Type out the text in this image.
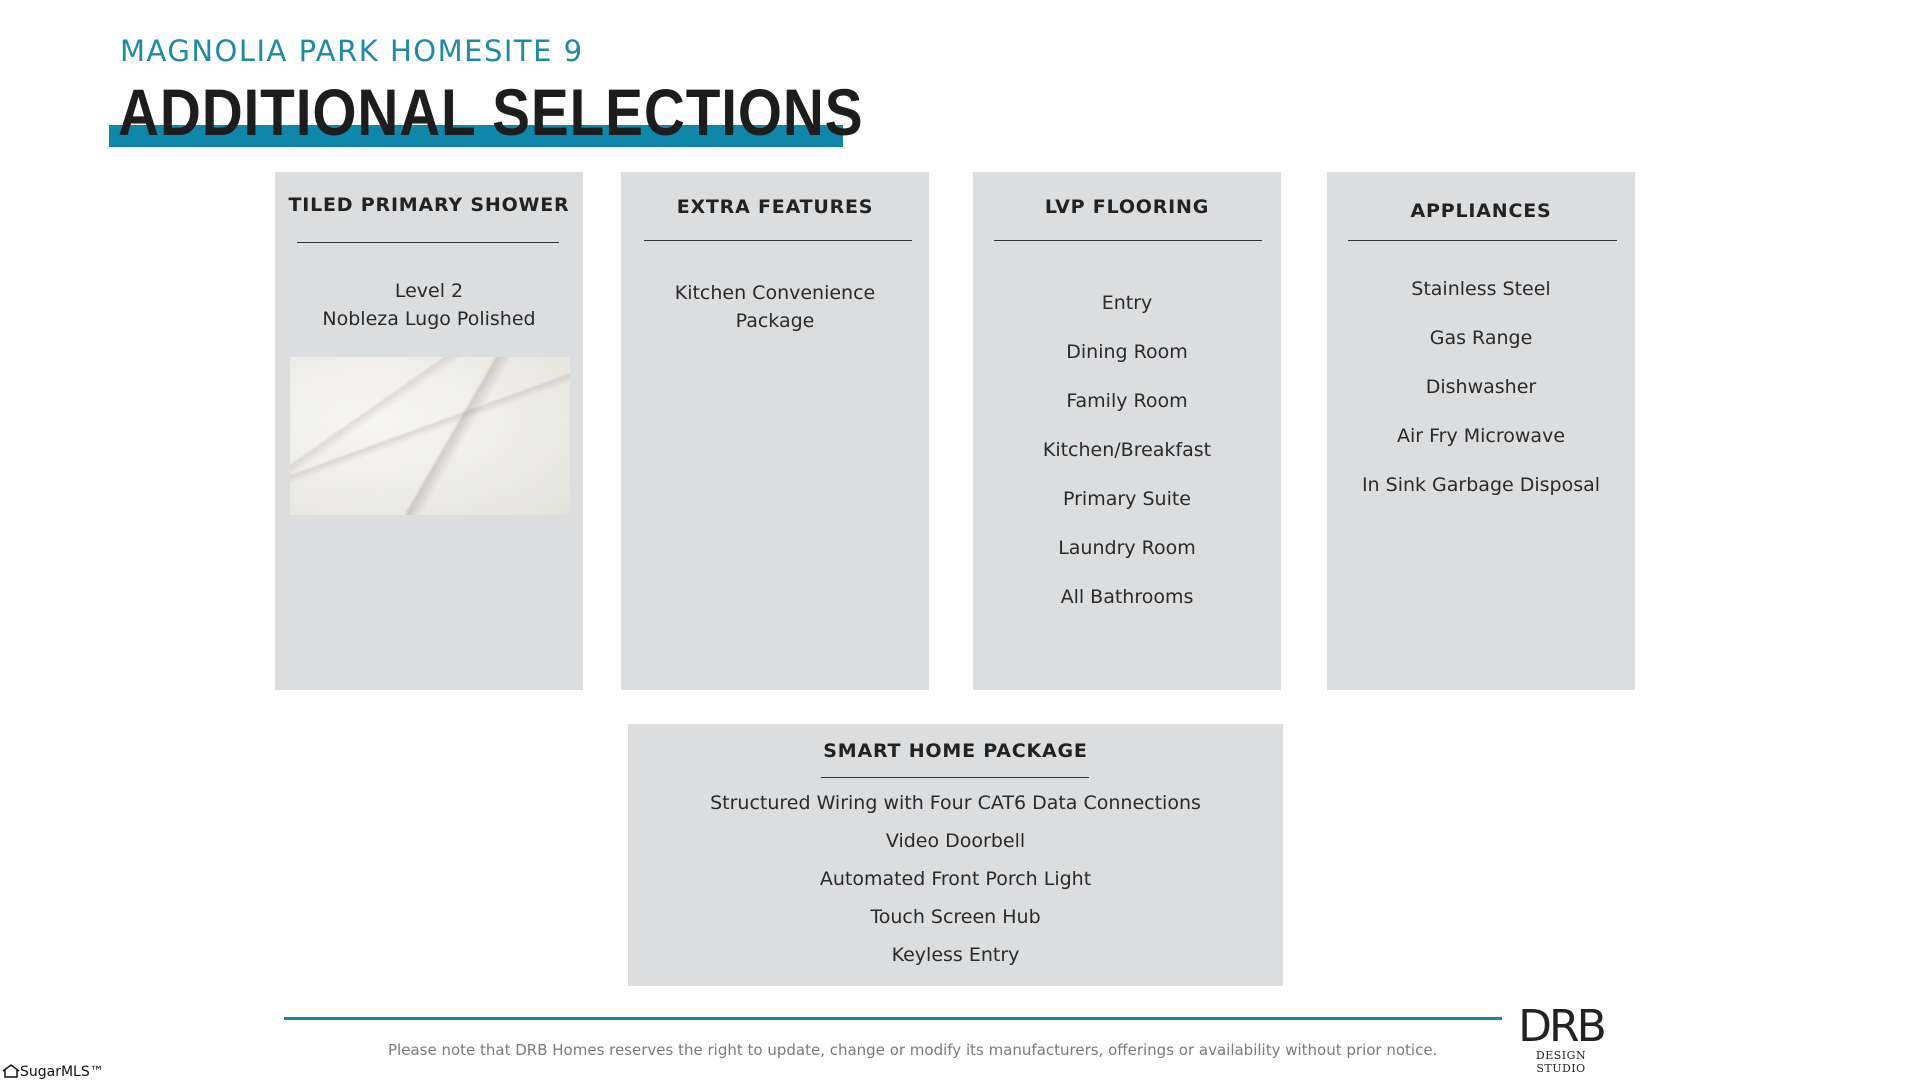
MAGNOLIA PARK HOMESITE 9
ADDITIONAL SELECTIONS
TILED PRIMARY SHOWER
Level 2
Nobleza Lugo Polished
EXTRA FEATURES
Kitchen Convenience
Package
LVP FLOORING
Entry
Dining Room
Family Room
Kitchen/Breakfast
Primary Suite
Laundry Room
All Bathrooms
APPLIANCES
Stainless Steel
Gas Range
Dishwasher
Air Fry Microwave
In Sink Garbage Disposal
SMART HOME PACKAGE
Structured Wiring with Four CAT6 Data Connections
Video Doorbell
Automated Front Porch Light
Touch Screen Hub
Keyless Entry
Please note that DRB Homes reserves the right to update, change or modify its manufacturers, offerings or availability without prior notice. DRB
DESIGN STUDIO
SugarMLS™
